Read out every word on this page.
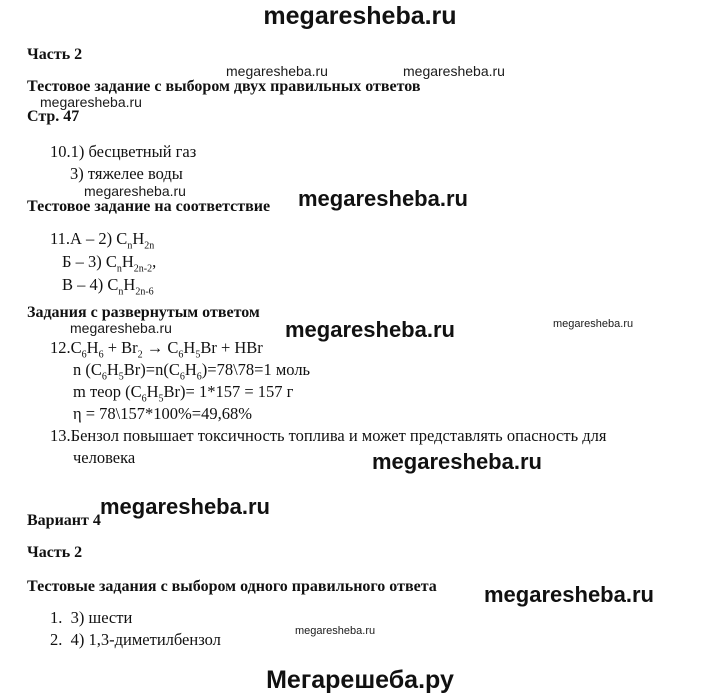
megaresheba.ru
Часть 2
megaresheba.ru	megaresheba.ru
Тестовое задание с выбором двух правильных ответов
megaresheba.ru
Стр. 47
10.1) бесцветный газ
3) тяжелее воды
megaresheba.ru
Тестовое задание на соответствие megaresheba.ru
11.А – 2) $C_nH_{2n}$
Б – 3) $C_nH_{2n-2}$,
В – 4) $C_nH_{2n-6}$
Задания с развернутым ответом
megaresheba.ru	megaresheba.ru	megaresheba.ru
$12.C_6H_6 + Br_2 \to C_6H_5Br$ + HBr
n $(C_6H_5Br)=n(C_6H_6)=78\backslash 78=1$ моль
m теор $(C_6H_5Br)= 1*157 = 157$ г
η = 78\157*100%=49,68%
13.Бензол повышает токсичность топлива и может представлять опасность для
человека	megaresheba.ru
megaresheba.ru
Вариант 4
Часть 2
Тестовые задания с выбором одного правильного ответа megaresheba.ru
1. 3) шести
2. 4) 1,3-диметилбензол	megaresheba.ru
Мегарешеба.ру
